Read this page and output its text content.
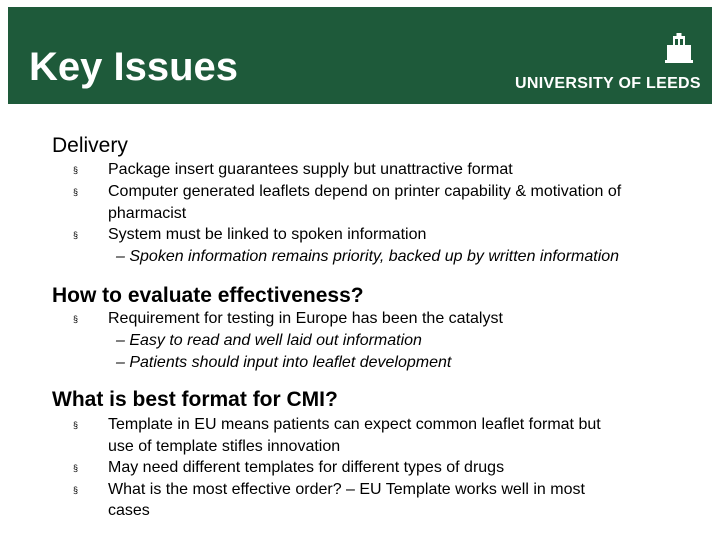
Key Issues	UNIVERSITY OF LEEDS
Delivery
§ Package insert guarantees supply but unattractive format
§ Computer generated leaflets depend on printer capability & motivation of
pharmacist
§ System must be linked to spoken information
– Spoken information remains priority, backed up by written information
How to evaluate effectiveness?
§ Requirement for testing in Europe has been the catalyst
– Easy to read and well laid out information
– Patients should input into leaflet development
What is best format for CMI?
§ Template in EU means patients can expect common leaflet format but
use of template stifles innovation
§ May need different templates for different types of drugs
§ What is the most effective order? – EU Template works well in most
cases
